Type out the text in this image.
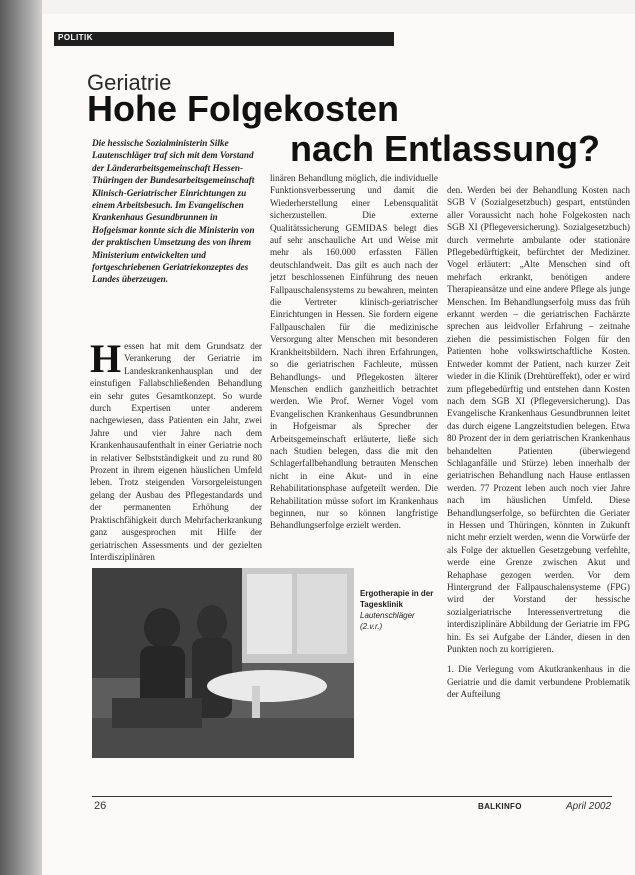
POLITIK
Geriatrie
Hohe Folgekosten
nach Entlassung?
Die hessische Sozialministerin Silke Lautenschläger traf sich mit dem Vorstand der Länderarbeitsgemeinschaft Hessen-Thüringen der Bundesarbeitsgemeinschaft Klinisch-Geriatrischer Einrichtungen zu einem Arbeitsbesuch. Im Evangelischen Krankenhaus Gesundbrunnen in Hofgeismar konnte sich die Ministerin von der praktischen Umsetzung des von ihrem Ministerium entwickelten und fortgeschriebenen Geriatriekonzeptes des Landes überzeugen.
H essen hat mit dem Grundsatz der Verankerung der Geriatrie im Landeskrankenhausplan und der einstufigen Fallabschließenden Behandlung ein sehr gutes Gesamtkonzept. So wurde durch Expertisen unter anderem nachgewiesen, dass Patienten ein Jahr, zwei Jahre und vier Jahre nach dem Krankenhausaufenthalt in einer Geriatrie noch in relativer Selbstständigkeit und zu rund 80 Prozent in ihrem eigenen häuslichen Umfeld leben. Trotz steigenden Vorsorgeleistungen gelang der Ausbau des Pflegestandards und der permanenten Erhöhung der Praktischfähigkeit durch Mehrfacherkrankung ganz ausgesprochen mit Hilfe der geriatrischen Assessments und der gezielten Interdisziplinären
linären Behandlung möglich, die individuelle Funktionsverbesserung und damit die Wiederherstellung einer Lebensqualität sicherzustellen. Die externe Qualitätssicherung GEMIDAS belegt dies auf sehr anschauliche Art und Weise mit mehr als 160.000 erfassten Fällen deutschlandweit. Das gilt es auch nach der jetzt beschlossenen Einführung des neuen Fallpauschalensystems zu bewahren, meinten die Vertreter klinisch-geriatrischer Einrichtungen in Hessen. Sie fordern eigene Fallpauschalen für die medizinische Versorgung alter Menschen mit besonderen Krankheitsbildern. Nach ihren Erfahrungen, so die geriatrischen Fachleute, müssen Behandlungs- und Pflegekosten älterer Menschen endlich ganzheitlich betrachtet werden. Wie Prof. Werner Vogel vom Evangelischen Krankenhaus Gesundbrunnen in Hofgeismar als Sprecher der Arbeitsgemeinschaft erläuterte, ließe sich nach Studien belegen, dass die mit den Schlagerfallbehandlung betrauten Menschen nicht in eine Akut- und in eine Rehabilitationsphase aufgeteilt werden. Die Rehabilitation müsse sofort im Krankenhaus beginnen, nur so können langfristige Behandlungserfolge erzielt werden.
den. Werden bei der Behandlung Kosten nach SGB V (Sozialgesetzbuch) gespart, entstünden aller Voraussicht nach hohe Folgekosten nach SGB XI (Pflegeversicherung). Sozialgesetzbuch) durch vermehrte ambulante oder stationäre Pflegebedürftigkeit, befürchtet der Mediziner. Vogel erläutert: „Alte Menschen sind oft mehrfach erkrankt, benötigen andere Therapieansätze und eine andere Pflege als junge Menschen. Im Behandlungserfolg muss das früh erkannt werden – die geriatrischen Fachärzte sprechen aus leidvoller Erfahrung – zeitnahe ziehen die pessimistischen Folgen für den Patienten hohe volkswirtschaftliche Kosten. Entweder kommt der Patient, nach kurzer Zeit wieder in die Klinik (Drehtüreffekt), oder er wird zum pflegebedürftig und entstehen dann Kosten nach dem SGB XI (Pflegeversicherung). Das Evangelische Krankenhaus Gesundbrunnen leitet das durch eigene Langzeitstudien belegen. Etwa 80 Prozent der in dem geriatrischen Krankenhaus behandelten Patienten (überwiegend Schlaganfälle und Stürze) leben innerhalb der geriatrischen Behandlung nach Hause entlassen werden. 77 Prozent leben auch noch vier Jahre nach im häuslichen Umfeld. Diese Behandlungserfolge, so befürchten die Geriater in Hessen und Thüringen, könnten in Zukunft nicht mehr erzielt werden, wenn die Vorwürfe der als Folge der aktuellen Gesetzgebung verfehlte, werde eine Grenze zwischen Akut und Rehaphase gezogen werden. Vor dem Hintergrund der Fallpauschalensysteme (FPG) wird der Vorstand der hessische sozialgeriatrische Interessenvertretung die interdisziplinäre Abbildung der Geriatrie im FPG hin. Es sei Aufgabe der Länder, diesen in den Punkten noch zu korrigieren.
1. Die Verlegung vom Akutkrankenhaus in die Geriatrie und die damit verbundene Problematik der Aufteilung
Ergotherapie in der Tagesklinik
Lautenschläger
(2.v.r.)
26	BALKINFO	April 2002
